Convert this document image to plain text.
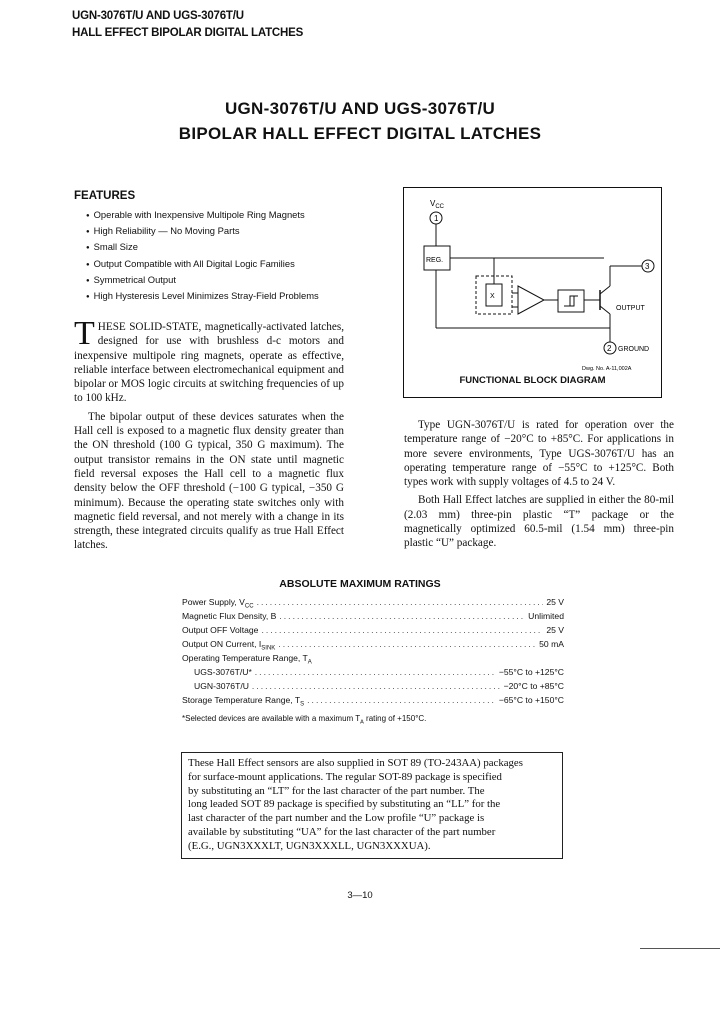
UGN-3076T/U AND UGS-3076T/U
HALL EFFECT BIPOLAR DIGITAL LATCHES
UGN-3076T/U AND UGS-3076T/U
BIPOLAR HALL EFFECT DIGITAL LATCHES
FEATURES
● Operable with Inexpensive Multipole Ring Magnets
● High Reliability — No Moving Parts
● Small Size
● Output Compatible with All Digital Logic Families
● Symmetrical Output
● High Hysteresis Level Minimizes Stray-Field Problems
$V_{CC}$
1
REG.
X
3
OUTPUT
2 GROUND
Dwg. No. A-11,002A
FUNCTIONAL BLOCK DIAGRAM

THESE SOLID-STATE, magnetically-activated latches, designed for use with brushless d-c motors and inexpensive multipole ring magnets, operate as effective, reliable interface between electromechanical equipment and bipolar or MOS logic circuits at switching frequencies of up to 100 kHz.

The bipolar output of these devices saturates when the Hall cell is exposed to a magnetic flux density greater than the ON threshold (100 G typical, 350 G maximum). The output transistor remains in the ON state until magnetic field reversal exposes the Hall cell to a magnetic flux density below the OFF threshold (−100 G typical, −350 G minimum). Because the operating state switches only with magnetic field reversal, and not merely with a change in its strength, these integrated circuits qualify as true Hall Effect latches.

Type UGN-3076T/U is rated for operation over the temperature range of −20°C to +85°C. For applications in more severe environments, Type UGS-3076T/U has an operating temperature range of −55°C to +125°C. Both types work with supply voltages of 4.5 to 24 V.

Both Hall Effect latches are supplied in either the 80-mil (2.03 mm) three-pin plastic “T” package or the magnetically optimized 60.5-mil (1.54 mm) three-pin plastic “U” package.

ABSOLUTE MAXIMUM RATINGS
Power Supply, $V_{CC}$ .....	25 V
Magnetic Flux Density, B .....	Unlimited
Output OFF Voltage .....	25 V
Output ON Current, $I_{SINK}$ .....	50 mA
Operating Temperature Range, $T_A$
UGS-3076T/U* .....	−55°C to +125°C
UGN-3076T/U .....	−20°C to +85°C
Storage Temperature Range, $T_S$ .....	−65°C to +150°C
*Selected devices are available with a maximum $T_A$ rating of +150°C.
These Hall Effect sensors are also supplied in SOT 89 (TO-243AA) packages
for surface-mount applications. The regular SOT-89 package is specified
by substituting an “LT” for the last character of the part number. The
long leaded SOT 89 package is specified by substituting an “LL” for the
last character of the part number and the Low profile “U” package is
available by substituting “UA” for the last character of the part number
(E.G., UGN3XXXLT, UGN3XXXLL, UGN3XXXUA).
3—10
